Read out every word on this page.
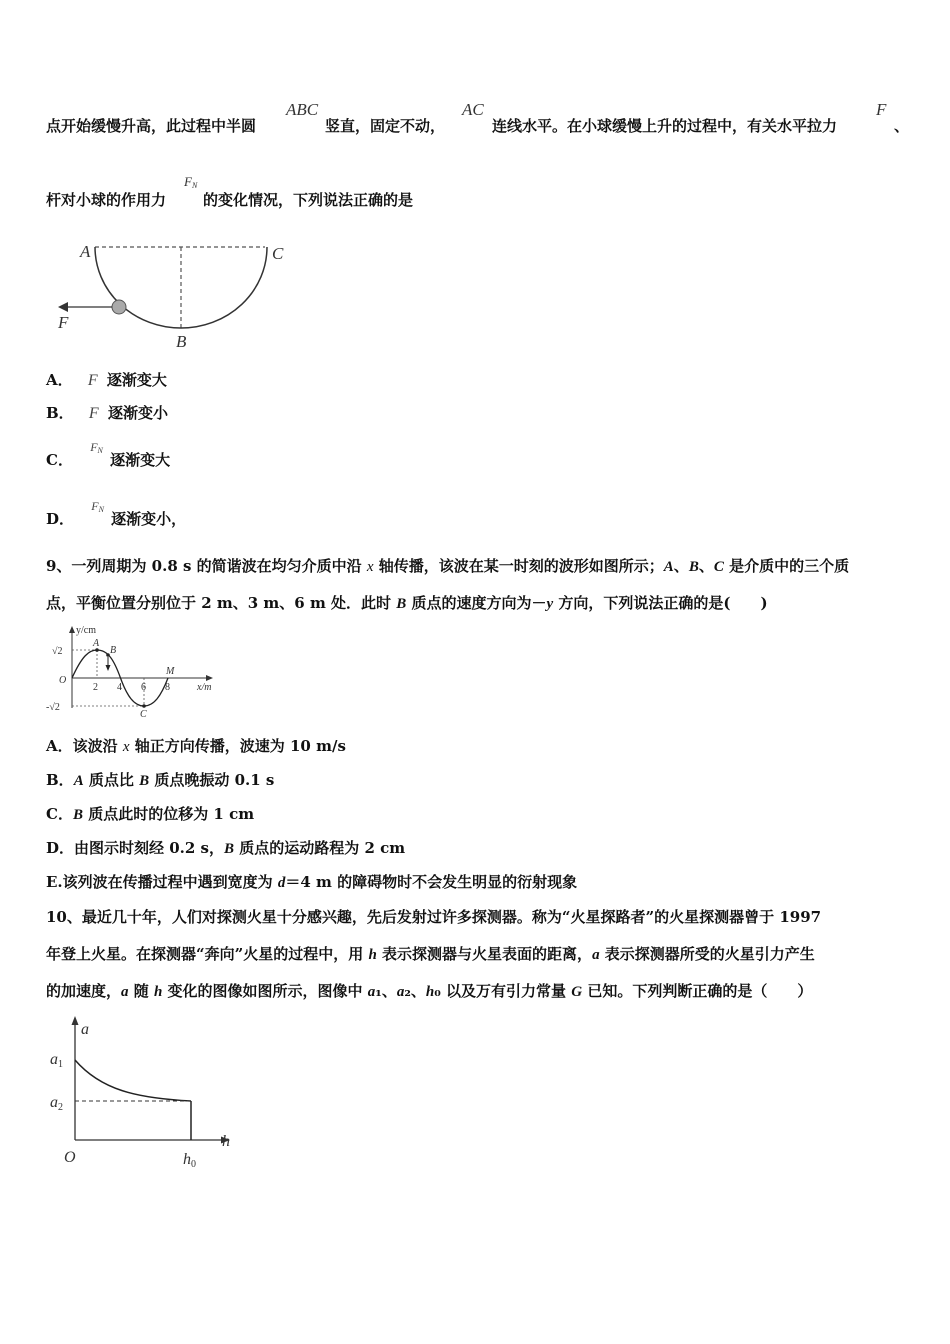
点开始缓慢升高，此过程中半圆
ABC
竖直，固定不动，
AC
连线水平。在小球缓慢上升的过程中，有关水平拉力
F
、
杆对小球的作用力
$F_N$
的变化情况，下列说法正确的是
A	C
B
F
A． F 逐渐变大
B． F 逐渐变小
C． $^{F_N}$ 逐渐变大
D． $^{F_N}$ 逐渐变小，
9、一列周期为 0.8 s 的简谐波在均匀介质中沿 x 轴传播，该波在某一时刻的波形如图所示；A、B、C 是介质中的三个质
点，平衡位置分别位于 2 m、3 m、6 m 处．此时 B 质点的速度方向为－y 方向，下列说法正确的是(　　)
y/cm
x/m
O
√2
-√2
2 4 6 8
A
B
C
M
A．该波沿 x 轴正方向传播，波速为 10 m/s
B．A 质点比 B 质点晚振动 0.1 s
C．B 质点此时的位移为 1 cm
D．由图示时刻经 0.2 s，B 质点的运动路程为 2 cm
E.该列波在传播过程中遇到宽度为 d＝4 m 的障碍物时不会发生明显的衍射现象
10、最近几十年，人们对探测火星十分感兴趣，先后发射过许多探测器。称为“火星探路者”的火星探测器曾于 1997
年登上火星。在探测器“奔向”火星的过程中，用 h 表示探测器与火星表面的距离，a 表示探测器所受的火星引力产生
的加速度，a 随 h 变化的图像如图所示，图像中 a₁、a₂、h₀ 以及万有引力常量 G 已知。下列判断正确的是（　　）
a
h
O
a1
a2
h0
